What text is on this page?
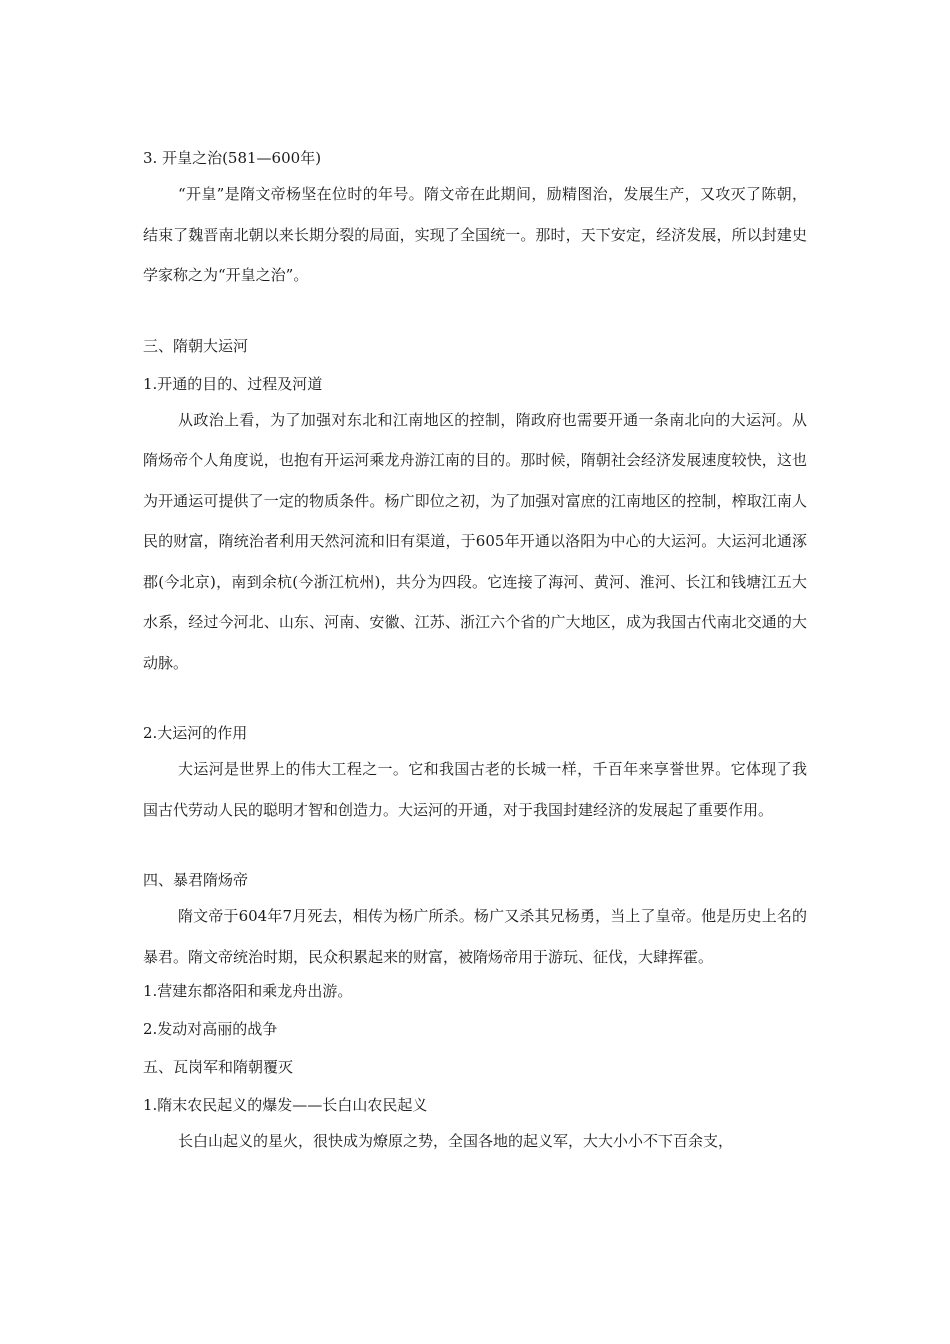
3. 开皇之治(581—600年)

“开皇”是隋文帝杨坚在位时的年号。隋文帝在此期间，励精图治，发展生产，又攻灭了陈朝，结束了魏晋南北朝以来长期分裂的局面，实现了全国统一。那时，天下安定，经济发展，所以封建史学家称之为“开皇之治”。

三、隋朝大运河
1.开通的目的、过程及河道

从政治上看，为了加强对东北和江南地区的控制，隋政府也需要开通一条南北向的大运河。从隋炀帝个人角度说，也抱有开运河乘龙舟游江南的目的。那时候，隋朝社会经济发展速度较快，这也为开通运可提供了一定的物质条件。杨广即位之初，为了加强对富庶的江南地区的控制，榨取江南人民的财富，隋统治者利用天然河流和旧有渠道，于605年开通以洛阳为中心的大运河。大运河北通涿郡(今北京)，南到余杭(今浙江杭州)，共分为四段。它连接了海河、黄河、淮河、长江和钱塘江五大水系，经过今河北、山东、河南、安徽、江苏、浙江六个省的广大地区，成为我国古代南北交通的大动脉。

2.大运河的作用

大运河是世界上的伟大工程之一。它和我国古老的长城一样，千百年来享誉世界。它体现了我国古代劳动人民的聪明才智和创造力。大运河的开通，对于我国封建经济的发展起了重要作用。

四、暴君隋炀帝

隋文帝于604年7月死去，相传为杨广所杀。杨广又杀其兄杨勇，当上了皇帝。他是历史上名的暴君。隋文帝统治时期，民众积累起来的财富，被隋炀帝用于游玩、征伐，大肆挥霍。

1.营建东都洛阳和乘龙舟出游。
2.发动对高丽的战争
五、瓦岗军和隋朝覆灭
1.隋末农民起义的爆发——长白山农民起义

长白山起义的星火，很快成为燎原之势，全国各地的起义军，大大小小不下百余支，
